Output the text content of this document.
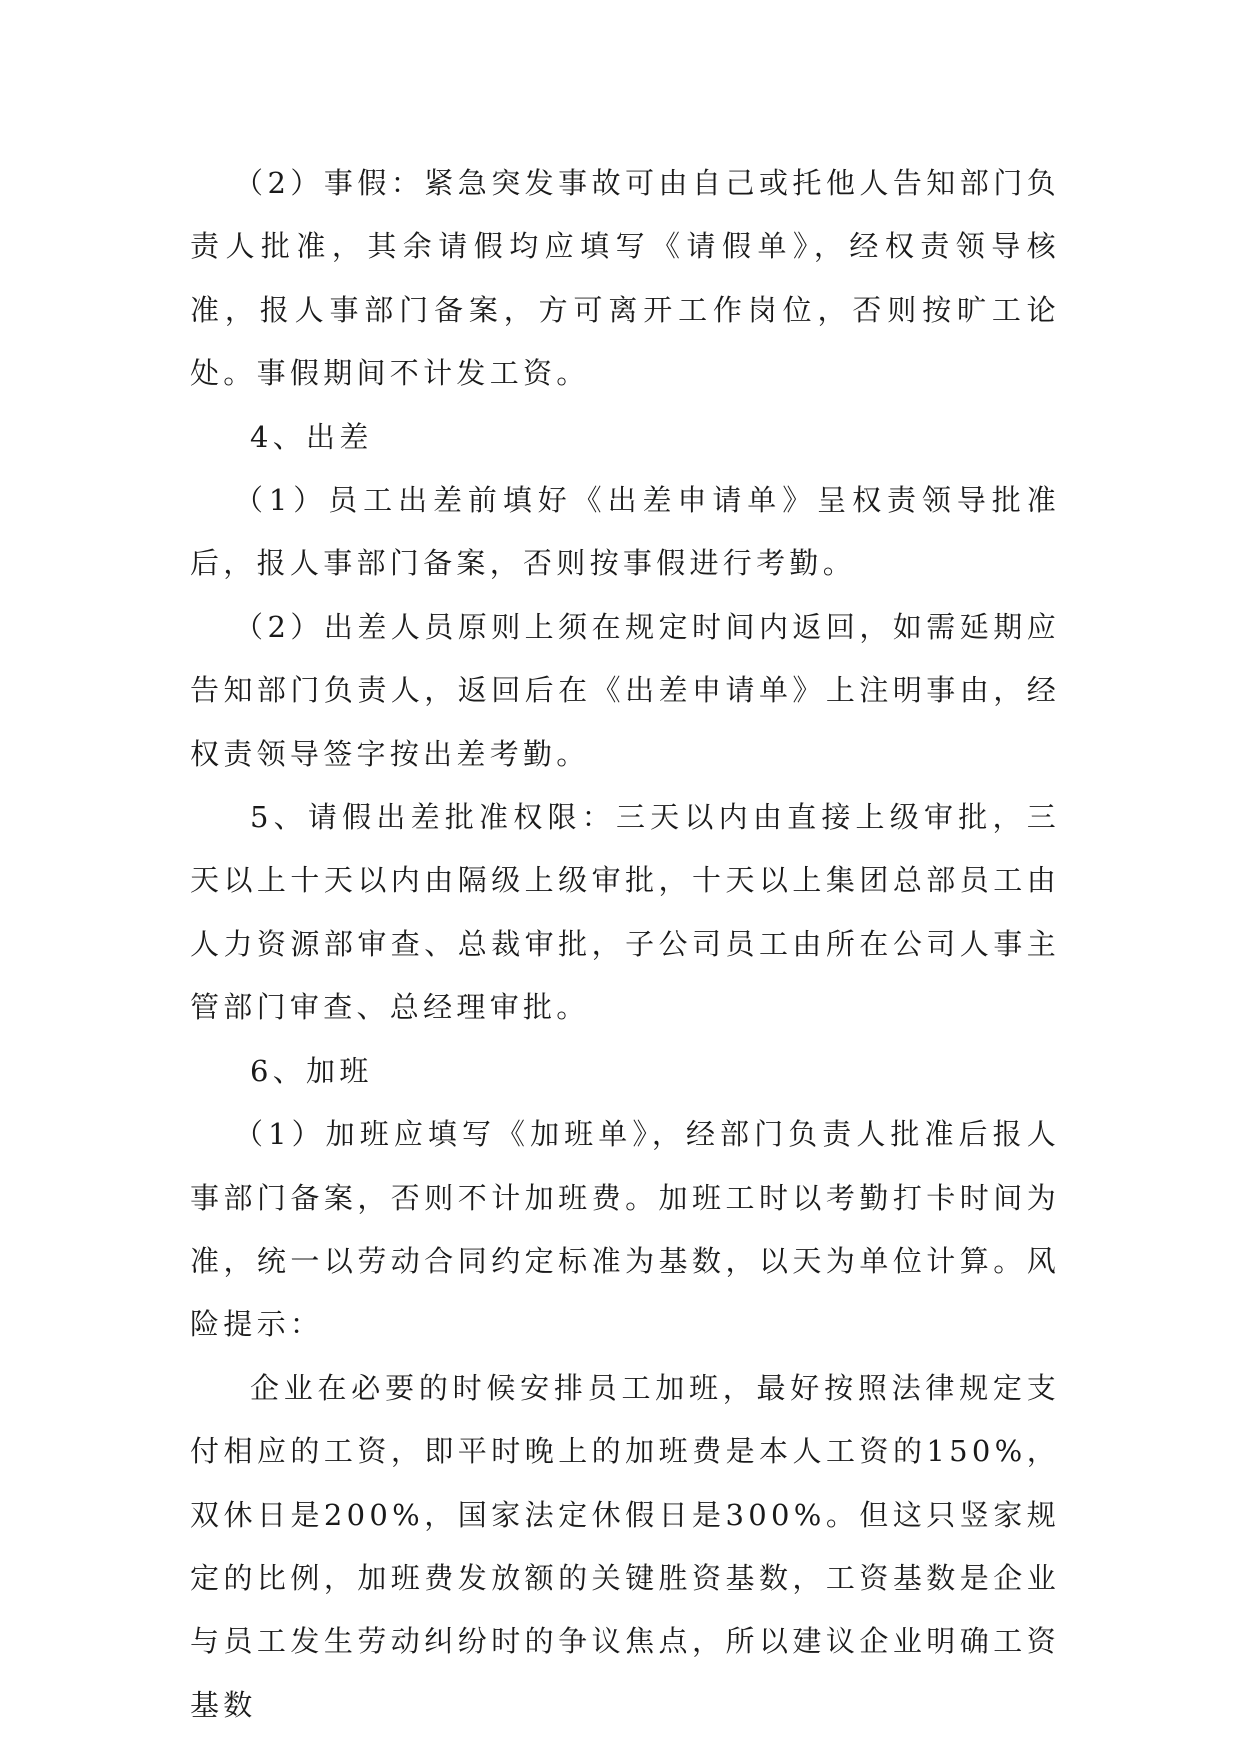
（2）事假：紧急突发事故可由自己或托他人告知部门负责人批准，其余请假均应填写《请假单》，经权责领导核准，报人事部门备案，方可离开工作岗位，否则按旷工论处。事假期间不计发工资。

4、出差

（1）员工出差前填好《出差申请单》呈权责领导批准后，报人事部门备案，否则按事假进行考勤。

（2）出差人员原则上须在规定时间内返回，如需延期应告知部门负责人，返回后在《出差申请单》上注明事由，经权责领导签字按出差考勤。

5、请假出差批准权限：三天以内由直接上级审批，三天以上十天以内由隔级上级审批，十天以上集团总部员工由人力资源部审查、总裁审批，子公司员工由所在公司人事主管部门审查、总经理审批。

6、加班

（1）加班应填写《加班单》，经部门负责人批准后报人事部门备案，否则不计加班费。加班工时以考勤打卡时间为准，统一以劳动合同约定标准为基数，以天为单位计算。风险提示：

企业在必要的时候安排员工加班，最好按照法律规定支付相应的工资，即平时晚上的加班费是本人工资的150%，双休日是200%，国家法定休假日是300%。但这只竖家规定的比例，加班费发放额的关键胜资基数，工资基数是企业与员工发生劳动纠纷时的争议焦点，所以建议企业明确工资基数
